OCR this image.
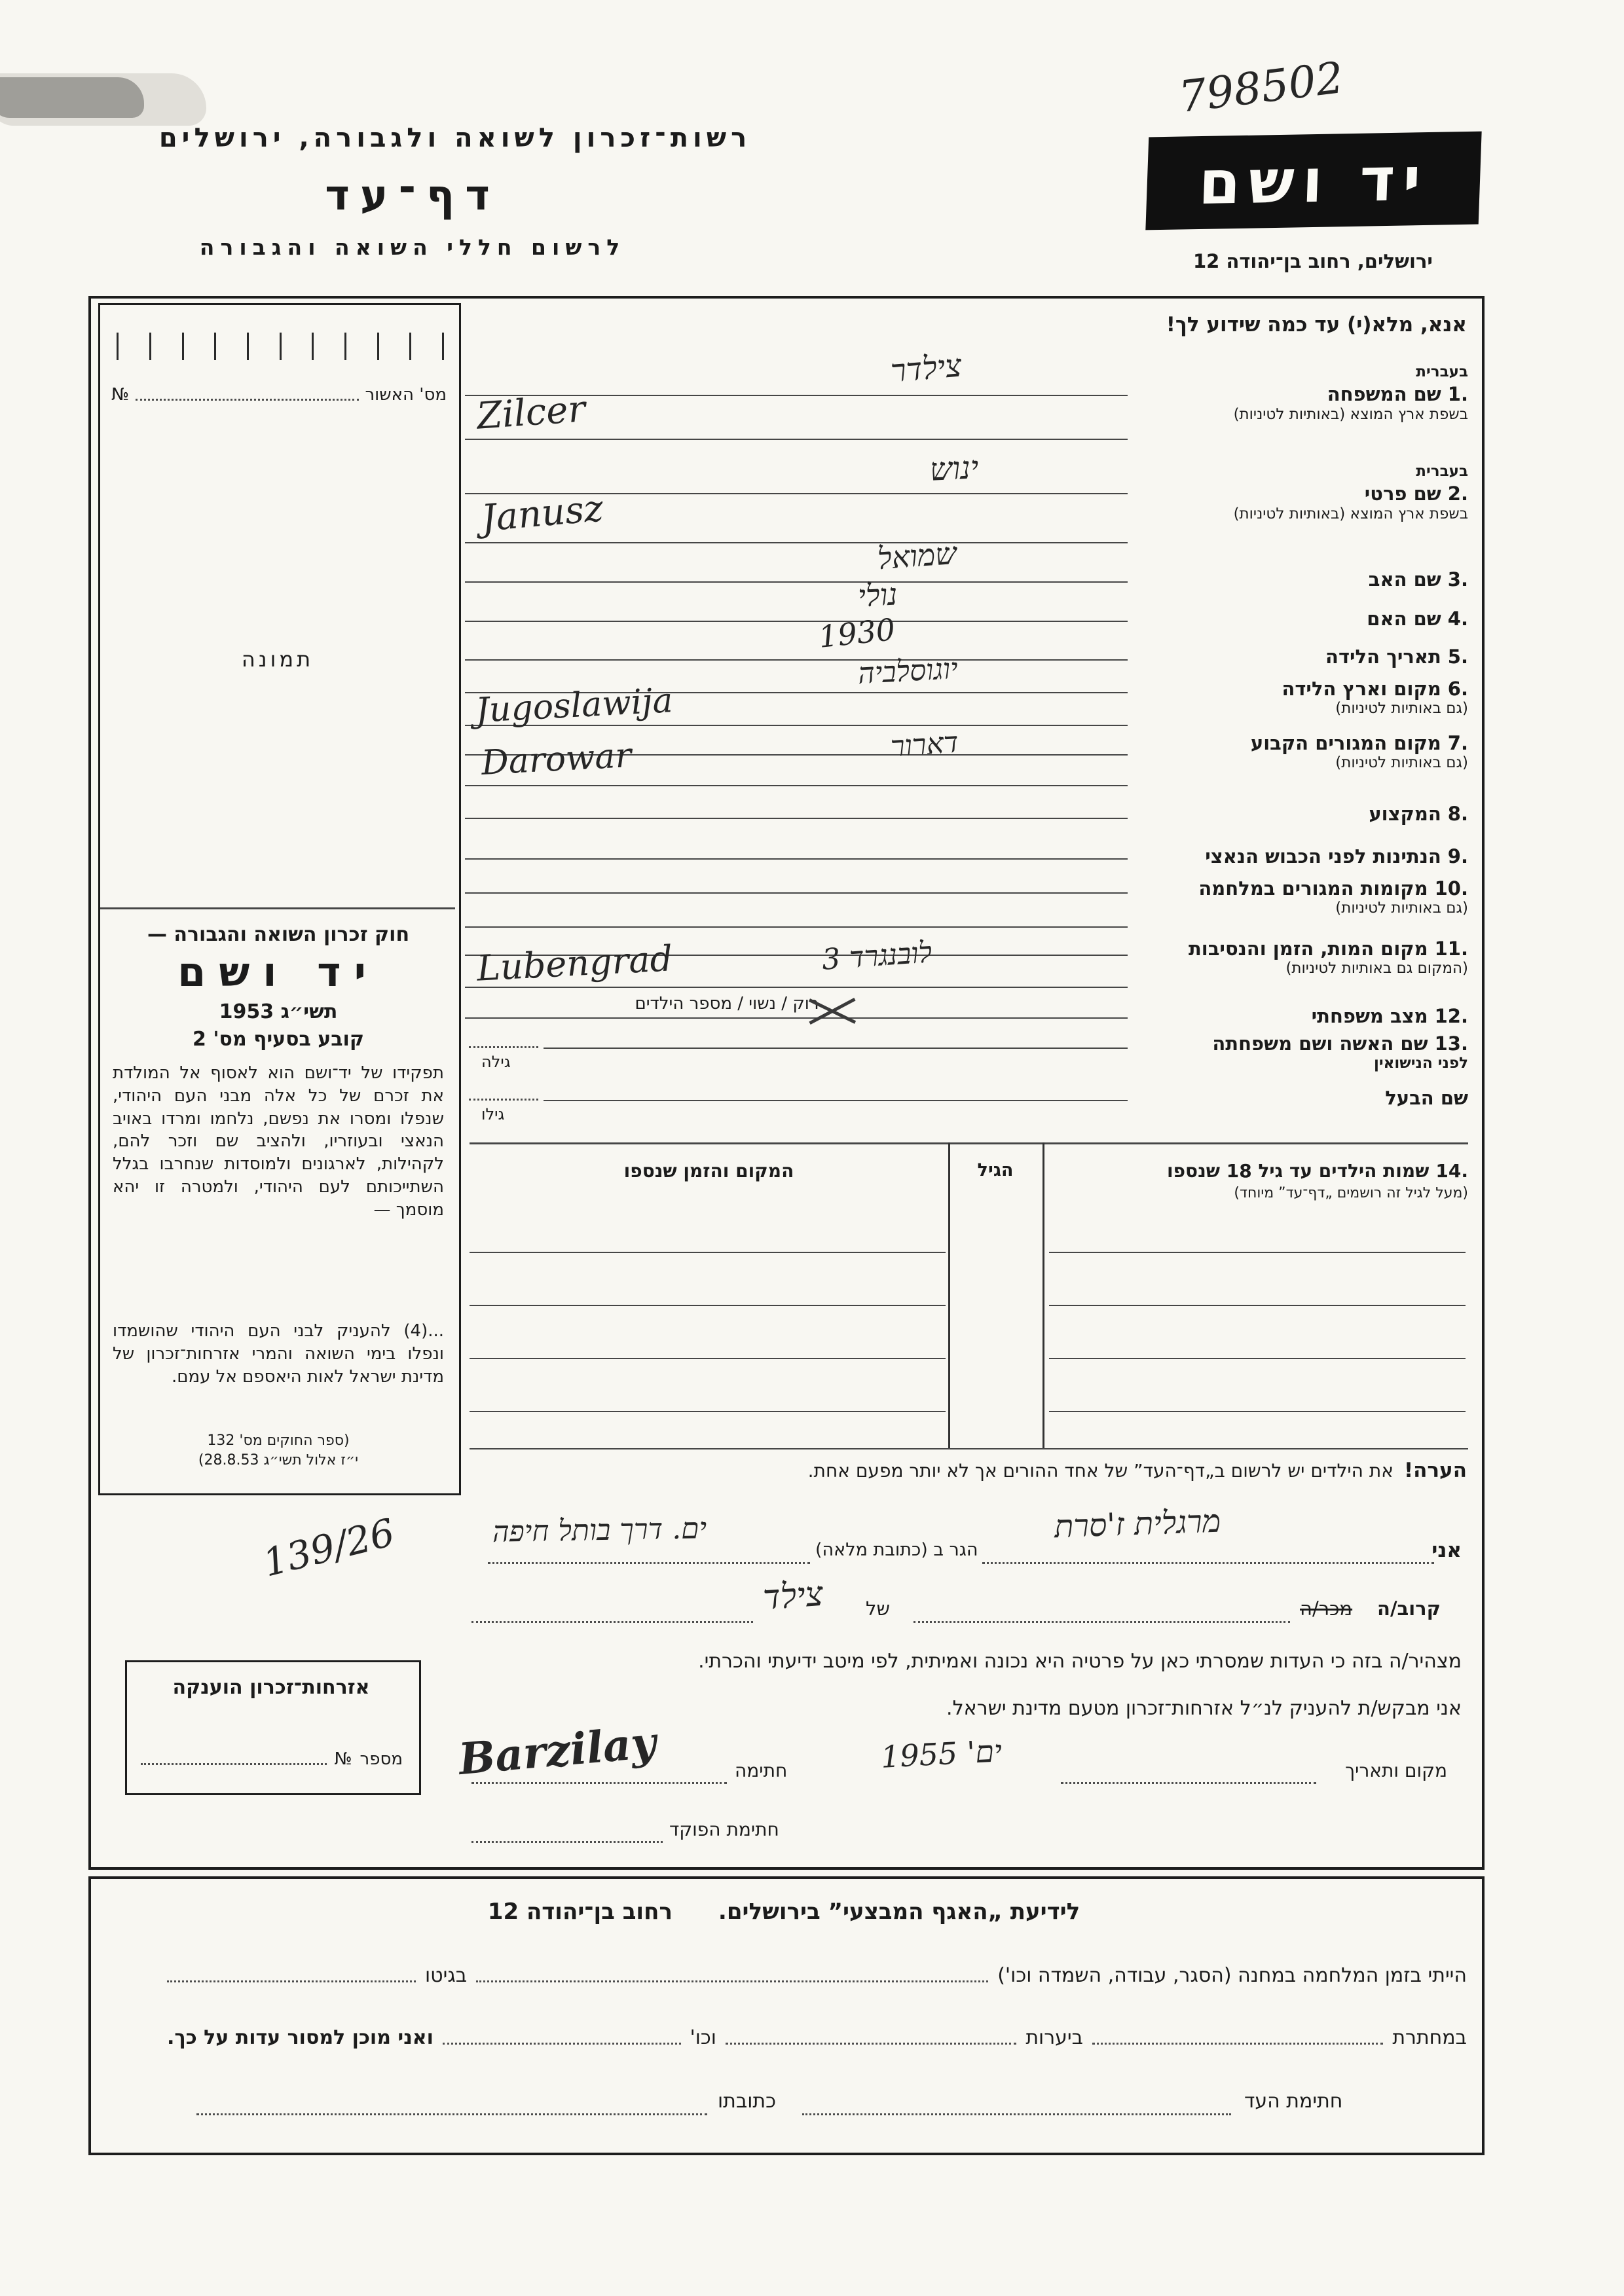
798502
רשות־זכרון לשואה ולגבורה, ירושלים
יד ושם
ירושלים, רחוב בן־יהודה 12
דף־עד
לרשום חללי השואה והגבורה
אנא, מלא(י) עד כמה שידוע לך!
מס' האשור
№
תמונה
חוק זכרון השואה והגבורה —
יד ושם
תשי״ג 1953
קובע בסעיף מס' 2
תפקידו של יד־ושם הוא לאסוף אל המולדת את זכרם של כל אלה מבני העם היהודי, שנפלו ומסרו את נפשם, נלחמו ומרדו באויב הנאצי ובעוזריו, ולהציב שם וזכר להם, לקהילות, לארגונים ולמוסדות שנחרבו בגלל השתייכותם לעם היהודי, ולמטרה זו יהא מוסמך —
(4)... להעניק לבני העם היהודי שהושמדו ונפלו בימי השואה והמרי אזרחות־זכרון של מדינת ישראל לאות היאספם אל עמם.
(ספר החוקים מס' 132
י״ז אלול תשי״ג 28.8.53)
139/26
בעברית
1.
שם המשפחה
בשפת ארץ המוצא (באותיות לטיניות)
בעברית
2.
שם פרטי
בשפת ארץ המוצא (באותיות לטיניות)
3.
שם האב
4.
שם האם
5.
תאריך הלידה
6.
מקום וארץ הלידה
(גם באותיות לטיניות)
7.
מקום המגורים הקבוע
(גם באותיות לטיניות)
8.
המקצוע
9.
הנתינות לפני הכבוש הנאצי
10.
מקומות המגורים במלחמה
(גם באותיות לטיניות)
11.
מקום המות, הזמן והנסיבות
(המקום גם באותיות לטיניות)
12.
מצב משפחתי
13.
שם האשה ושם משפחתה
לפני הנישואין
שם הבעל
רוק / נשוי / מספר הילדים
גילה
גילו
14.
שמות הילדים עד גיל 18 שנספו
(מעל לגיל זה רושמים „דף־עד” מיוחד)
הגיל
המקום והזמן שנספו
הערה!
את הילדים יש לרשום ב„דף־העד” של אחד ההורים אך לא יותר מפעם אחת.
אני
הגר ב (כתובת מלאה)
מרגלית ז'סרת
ים. דרך בותל חיפה
קרוב/ה
מכר/ה
של
צילד
מצהיר/ה בזה כי העדות שמסרתי כאן על פרטיה היא נכונה ואמיתית, לפי מיטב ידיעתי והכרתי.
אני מבקש/ת להעניק לנ״ל אזרחות־זכרון מטעם מדינת ישראל.
מקום ותאריך
ים' 1955
חתימה
Barzilay
חתימת הפוקד
אזרחות־זכרון הוענקה
מספר
№
צילדר
Zilcer
ינוש
Janusz
שמואל
נולי
1930
יוגוסלביה
Jugoslawija
דארור
Darowar
לובנגרד 3
Lubengrad
לידיעת „האגף המבצעי” בירושלים.
רחוב בן־יהודה 12
הייתי בזמן המלחמה במחנה (הסגר, עבודה, השמדה וכו')
בגיטו
במחתרת
ביערות
וכו'
ואני מוכן למסור עדות על כך.
חתימת העד
כתובתו
